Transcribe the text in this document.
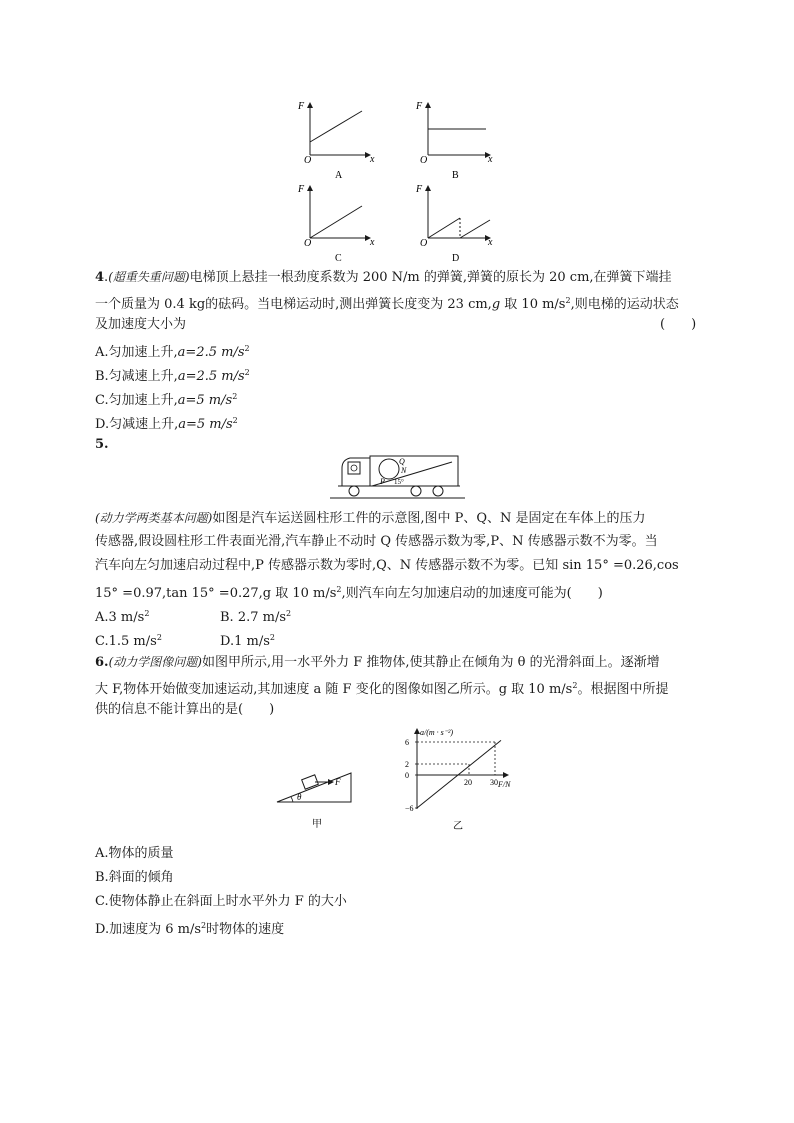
F
x
O
A
F
x
O
B
F
x
O
C
F
x
O
D
4.(超重失重问题)电梯顶上悬挂一根劲度系数为 200 N/m 的弹簧,弹簧的原长为 20 cm,在弹簧下端挂
一个质量为 0.4 kg的砝码。当电梯运动时,测出弹簧长度变为 23 cm,g 取 10 $m/s^2$,则电梯的运动状态
及加速度大小为	(　　)
A.匀加速上升,a=2.5 $m/s^2$
B.匀减速上升,a=2.5 $m/s^2$
C.匀加速上升,a=5 $m/s^2$
D.匀减速上升,a=5 $m/s^2$
5.
Q
N
P 15°
(动力学两类基本问题)如图是汽车运送圆柱形工件的示意图,图中 P、Q、N 是固定在车体上的压力
传感器,假设圆柱形工件表面光滑,汽车静止不动时 Q 传感器示数为零,P、N 传感器示数不为零。当
汽车向左匀加速启动过程中,P 传感器示数为零时,Q、N 传感器示数不为零。已知 sin 15° =0.26,cos
15° =0.97,tan 15° =0.27,g 取 10 $m/s^2$,则汽车向左匀加速启动的加速度可能为(　　)
A.3 $m/s^2$	B. 2.7 $m/s^2$
C.1.5 $m/s^2$	D.1 $m/s^2$
6.(动力学图像问题)如图甲所示,用一水平外力 F 推物体,使其静止在倾角为 θ 的光滑斜面上。逐渐增
大 F,物体开始做变加速运动,其加速度 a 随 F 变化的图像如图乙所示。g 取 10 $m/s^2$。根据图中所提
供的信息不能计算出的是(　　)
F
θ
甲
a/(m · s⁻²)
F/N
20 30
6
2
0
−6
乙
A.物体的质量
B.斜面的倾角
C.使物体静止在斜面上时水平外力 F 的大小
D.加速度为 6 $m/s^2$时物体的速度
